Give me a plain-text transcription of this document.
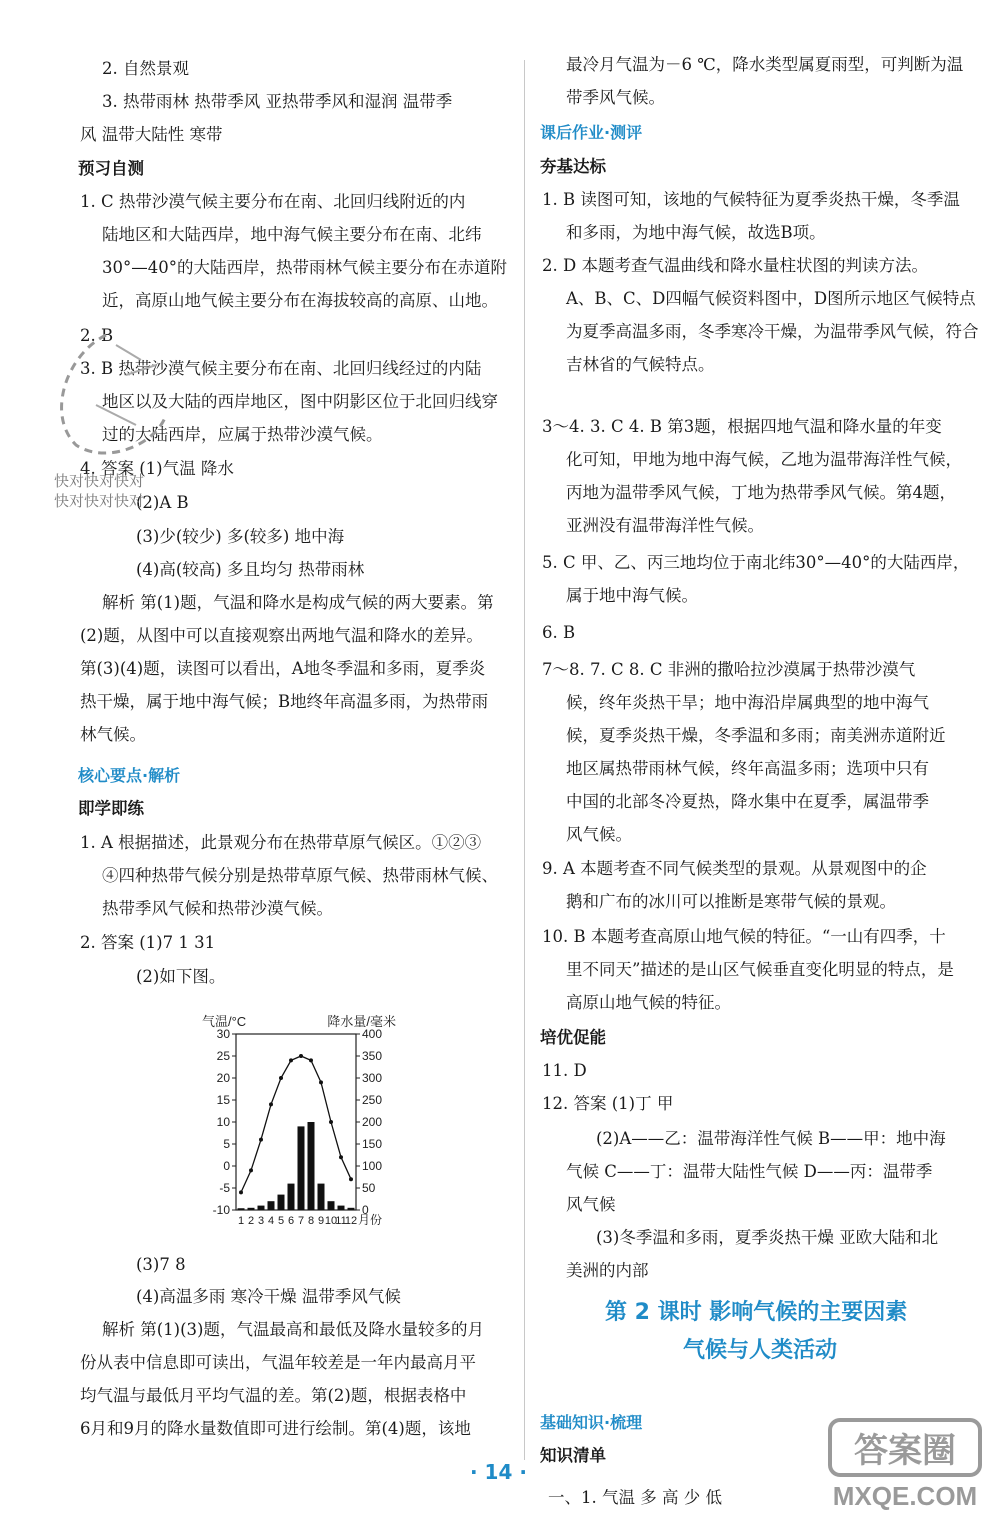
2. 自然景观
3. 热带雨林 热带季风 亚热带季风和湿润 温带季
风 温带大陆性 寒带
预习自测
1. C 热带沙漠气候主要分布在南、北回归线附近的内
陆地区和大陆西岸，地中海气候主要分布在南、北纬
30°—40°的大陆西岸，热带雨林气候主要分布在赤道附
近，高原山地气候主要分布在海拔较高的高原、山地。
2. B
3. B 热带沙漠气候主要分布在南、北回归线经过的内陆
地区以及大陆的西岸地区，图中阴影区位于北回归线穿
过的大陆西岸，应属于热带沙漠气候。
4. 答案 (1)气温 降水
(2)A B
(3)少(较少) 多(较多) 地中海
(4)高(较高) 多且均匀 热带雨林
解析 第(1)题，气温和降水是构成气候的两大要素。第
(2)题，从图中可以直接观察出两地气温和降水的差异。
第(3)(4)题，读图可以看出，A地冬季温和多雨，夏季炎
热干燥，属于地中海气候；B地终年高温多雨，为热带雨
林气候。
核心要点·解析
即学即练
1. A 根据描述，此景观分布在热带草原气候区。①②③
④四种热带气候分别是热带草原气候、热带雨林气候、
热带季风气候和热带沙漠气候。
2. 答案 (1)7 1 31
(2)如下图。
(3)7 8
(4)高温多雨 寒冷干燥 温带季风气候
解析 第(1)(3)题，气温最高和最低及降水量较多的月
份从表中信息即可读出，气温年较差是一年内最高月平
均气温与最低月平均气温的差。第(2)题，根据表格中
6月和9月的降水量数值即可进行绘制。第(4)题，该地
最冷月气温为－6 ℃，降水类型属夏雨型，可判断为温
带季风气候。
课后作业·测评
夯基达标
1. B 读图可知，该地的气候特征为夏季炎热干燥，冬季温
和多雨，为地中海气候，故选B项。
2. D 本题考查气温曲线和降水量柱状图的判读方法。
A、B、C、D四幅气候资料图中，D图所示地区气候特点
为夏季高温多雨，冬季寒冷干燥，为温带季风气候，符合
吉林省的气候特点。
3～4. 3. C 4. B 第3题，根据四地气温和降水量的年变
化可知，甲地为地中海气候，乙地为温带海洋性气候，
丙地为温带季风气候，丁地为热带季风气候。第4题，
亚洲没有温带海洋性气候。
5. C 甲、乙、丙三地均位于南北纬30°—40°的大陆西岸，
属于地中海气候。
6. B
7～8. 7. C 8. C 非洲的撒哈拉沙漠属于热带沙漠气
候，终年炎热干旱；地中海沿岸属典型的地中海气
候，夏季炎热干燥，冬季温和多雨；南美洲赤道附近
地区属热带雨林气候，终年高温多雨；选项中只有
中国的北部冬冷夏热，降水集中在夏季，属温带季
风气候。
9. A 本题考查不同气候类型的景观。从景观图中的企
鹅和广布的冰川可以推断是寒带气候的景观。
10. B 本题考查高原山地气候的特征。“一山有四季，十
里不同天”描述的是山区气候垂直变化明显的特点，是
高原山地气候的特征。
培优促能
11. D
12. 答案 (1)丁 甲
(2)A——乙：温带海洋性气候 B——甲：地中海
气候 C——丁：温带大陆性气候 D——丙：温带季
风气候
(3)冬季温和多雨，夏季炎热干燥 亚欧大陆和北
美洲的内部
基础知识·梳理
知识清单
-10
-5
0
5
10
15
20
25
30
0
50
100
150
200
250
300
350
400
气温/°C	降水量/毫米
1 2 3 4 5 6 7 8 9 10
11
12 月份
第 2 课时 影响气候的主要因素
气候与人类活动
一、1. 气温 多 高 少 低
· 14 ·
快对快对快对
快对快对快对
答案圈
MXQE.COM
